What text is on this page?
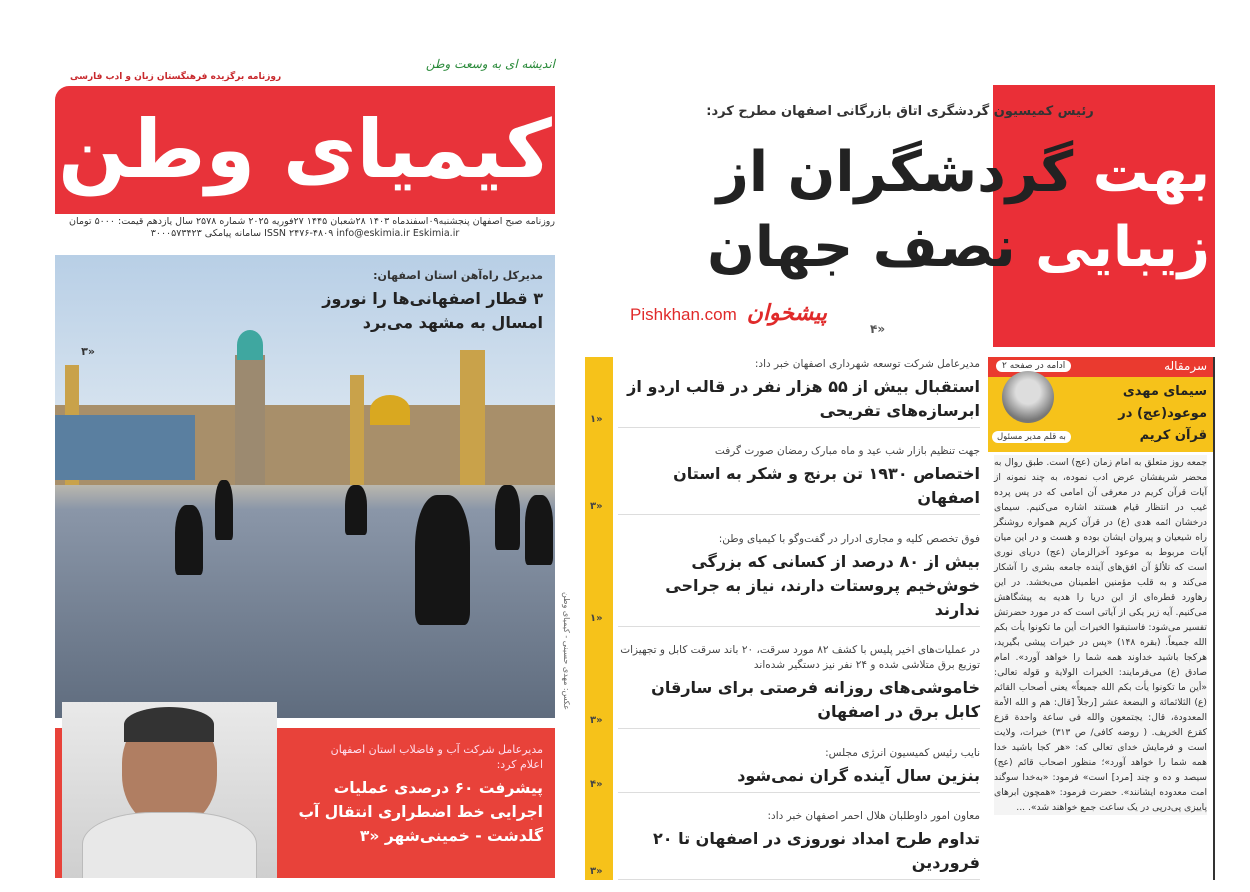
اندیشه ای به وسعت وطن
روزنامه برگزیده فرهنگستان زبان و ادب فارسی
کیمیای وطن
روزنامه صبح اصفهان پنجشنبه۰۹اسفندماه ۱۴۰۳ ۲۸شعبان ۱۴۴۵ ۲۷فوریه ۲۰۲۵ شماره ۲۵۷۸ سال یازدهم قیمت: ۵۰۰۰ تومان
ISSN ۲۴۷۶-۴۸۰۹ info@eskimia.ir Eskimia.ir سامانه پیامکی ۳۰۰۰۵۷۳۴۲۳
مدیرکل راه‌آهن استان اصفهان:
۳ قطار اصفهانی‌ها را نوروز امسال به مشهد می‌برد
«۳
عکس: مهدی حسینی - کیمیای وطن
مدیرعامل شرکت آب و فاضلاب استان اصفهان اعلام کرد:
پیشرفت ۶۰ درصدی عملیات اجرایی خط اضطراری انتقال آب گلدشت - خمینی‌شهر «۳
رئیس کمیسیون گردشگری اتاق بازرگانی اصفهان مطرح کرد:
بهت گردشگران از
زیبایی نصف جهان
«۴
Pishkhan.com پیشخوان
مدیرعامل شرکت توسعه شهرداری اصفهان خبر داد:
استقبال بیش از ۵۵ هزار نفر در قالب اردو از ابرسازه‌های تفریحی
«۱
جهت تنظیم بازار شب عید و ماه مبارک رمضان صورت گرفت
اختصاص ۱۹۳۰ تن برنج و شکر به استان اصفهان
«۳
فوق تخصص کلیه و مجاری ادرار در گفت‌وگو با کیمیای وطن:
بیش از ۸۰ درصد از کسانی که بزرگی خوش‌خیم پروستات دارند، نیاز به جراحی ندارند
«۱
در عملیات‌های اخیر پلیس با کشف ۸۲ مورد سرقت، ۲۰ باند سرقت کابل و تجهیزات توزیع برق متلاشی شده و ۲۴ نفر نیز دستگیر شده‌اند
خاموشی‌های روزانه فرصتی برای سارقان کابل برق در اصفهان
«۳
نایب رئیس کمیسیون انرژی مجلس:
بنزین سال آینده گران نمی‌شود
«۴
معاون امور داوطلبان هلال احمر اصفهان خبر داد:
تداوم طرح امداد نوروزی در اصفهان تا ۲۰ فروردین
«۳
سرمقاله
ادامه در صفحه ۲
سیمای مهدی موعود(عج) در قرآن کریم
به قلم مدیر مسئول
جمعه روز متعلق به امام زمان (عج) است. طبق روال به محضر شریفشان عرض ادب نموده، به چند نمونه از آیات قرآن کریم در معرفی آن امامی که در پس پرده غیب در انتظار قیام هستند اشاره می‌کنیم. سیمای درخشان ائمه هدی (ع) در قرآن کریم همواره روشنگر راه شیعیان و پیروان ایشان بوده و هست و در این میان آیات مربوط به موعود آخرالزمان (عج) دریای نوری است که تلألؤ آن افق‌های آینده جامعه بشری را آشکار می‌کند و به قلب مؤمنین اطمینان می‌بخشد. در این رهاورد قطره‌ای از این دریا را هدیه به پیشگاهش می‌کنیم. آیه زیر یکی از آیاتی است که در مورد حضرتش تفسیر می‌شود: فاستبقوا الخیرات أین ما تکونوا یأت بکم الله جمیعاً. (بقره ۱۴۸) «پس در خیرات پیشی بگیرید، هرکجا باشید خداوند همه شما را خواهد آورد». امام صادق (ع) می‌فرمایند: الخیرات الولایة و قوله تعالی: «أین ما تکونوا یأت بکم الله جمیعاً» یعنی أصحاب القائم (ع) الثلاثمائة و البضعة عشر [رجلاً [قال: هم و الله الأمة المعدودة، قال: یجتمعون والله فی ساعة واحدة قزع کقزع الخریف. ( روضه کافی/ ص ۳۱۳) خیرات، ولایت است و فرمایش خدای تعالی که: «هر کجا باشید خدا همه شما را خواهد آورد»؛ منظور اصحاب قائم (عج) سیصد و ده و چند [مرد] است» فرمود: «به‌خدا سوگند امت معدوده ایشانند». حضرت فرمود: «همچون ابرهای پاییزی پی‌درپی در یک ساعت جمع خواهند شد». ...
